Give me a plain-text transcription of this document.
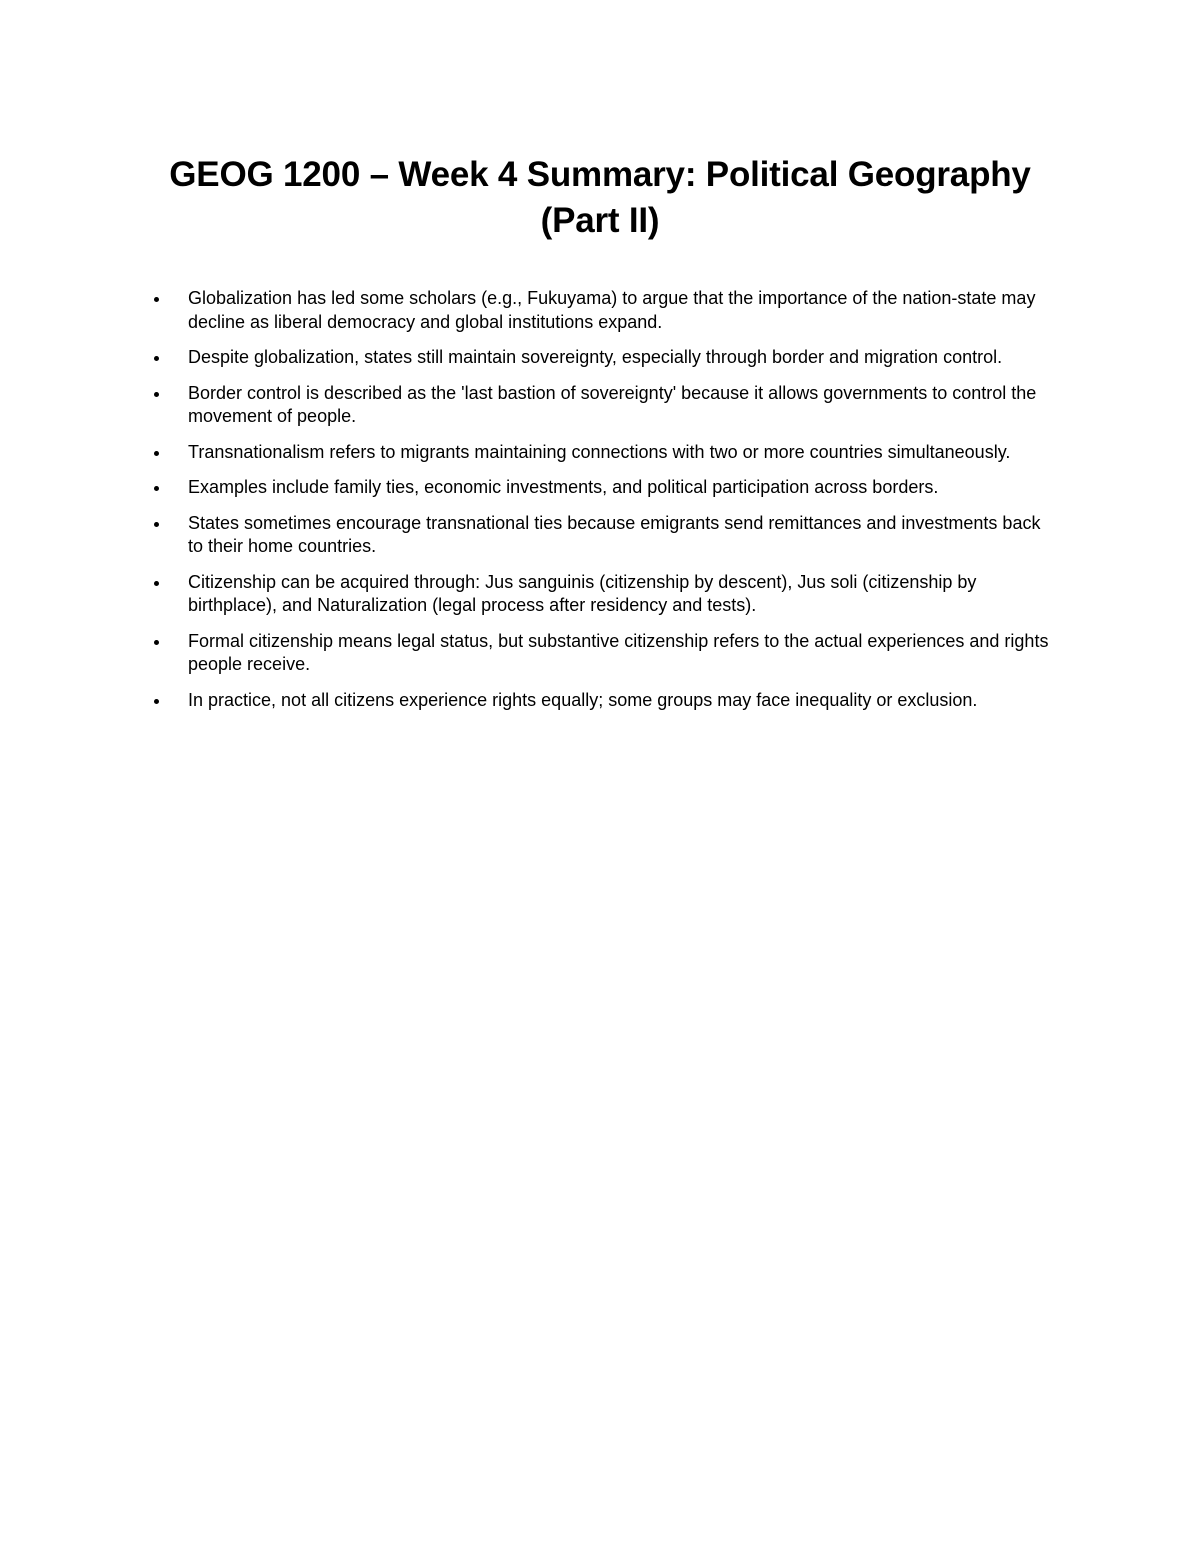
GEOG 1200 – Week 4 Summary: Political Geography (Part II)
Globalization has led some scholars (e.g., Fukuyama) to argue that the importance of the nation-state may decline as liberal democracy and global institutions expand.
Despite globalization, states still maintain sovereignty, especially through border and migration control.
Border control is described as the 'last bastion of sovereignty' because it allows governments to control the movement of people.
Transnationalism refers to migrants maintaining connections with two or more countries simultaneously.
Examples include family ties, economic investments, and political participation across borders.
States sometimes encourage transnational ties because emigrants send remittances and investments back to their home countries.
Citizenship can be acquired through: Jus sanguinis (citizenship by descent), Jus soli (citizenship by birthplace), and Naturalization (legal process after residency and tests).
Formal citizenship means legal status, but substantive citizenship refers to the actual experiences and rights people receive.
In practice, not all citizens experience rights equally; some groups may face inequality or exclusion.
